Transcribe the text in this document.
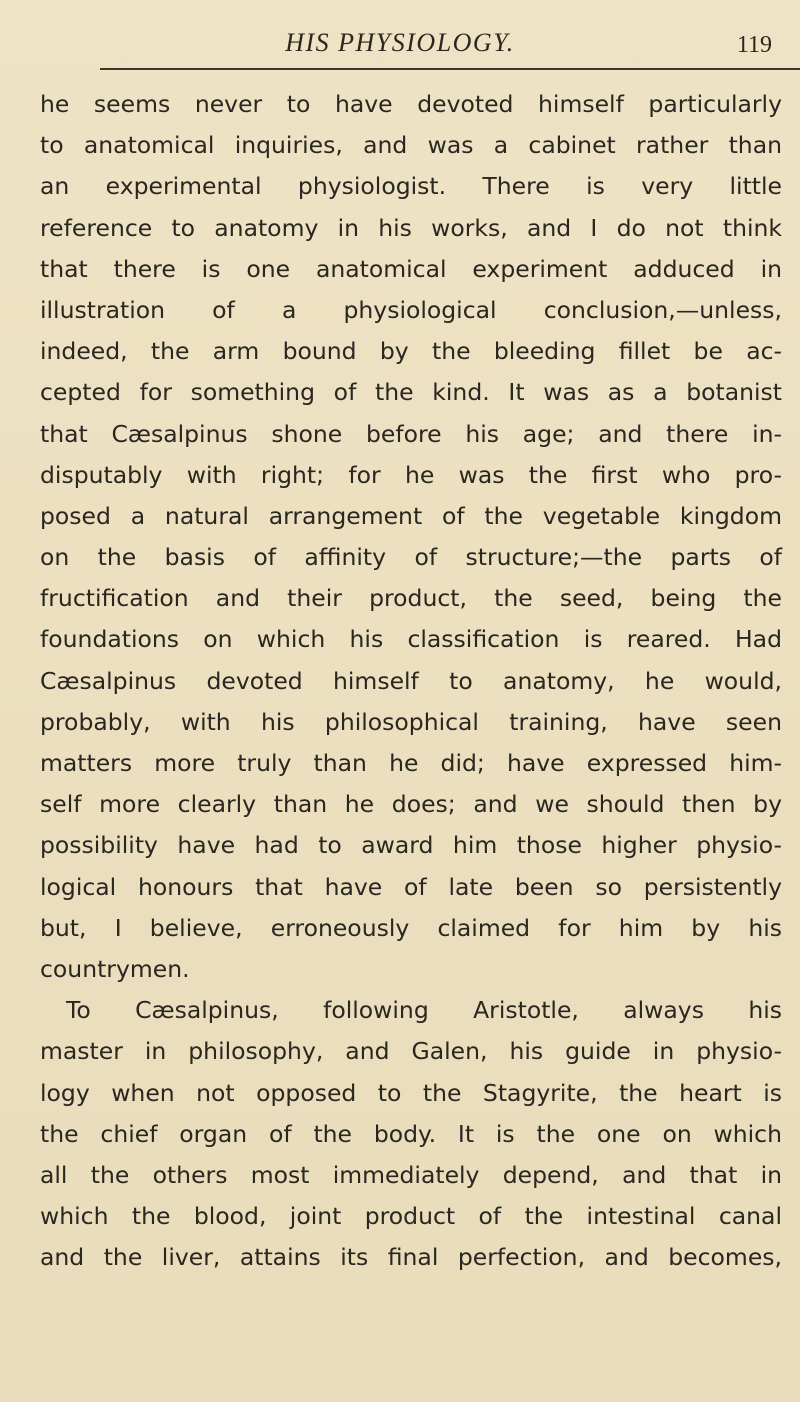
HIS PHYSIOLOGY.	119
he seems never to have devoted himself particularly
to anatomical inquiries, and was a cabinet rather than
an experimental physiologist. There is very little
reference to anatomy in his works, and I do not think
that there is one anatomical experiment adduced in
illustration of a physiological conclusion,—unless,
indeed, the arm bound by the bleeding fillet be ac-
cepted for something of the kind. It was as a botanist
that Cæsalpinus shone before his age; and there in-
disputably with right; for he was the first who pro-
posed a natural arrangement of the vegetable kingdom
on the basis of affinity of structure;—the parts of
fructification and their product, the seed, being the
foundations on which his classification is reared. Had
Cæsalpinus devoted himself to anatomy, he would,
probably, with his philosophical training, have seen
matters more truly than he did; have expressed him-
self more clearly than he does; and we should then by
possibility have had to award him those higher physio-
logical honours that have of late been so persistently
but, I believe, erroneously claimed for him by his
countrymen.
To Cæsalpinus, following Aristotle, always his
master in philosophy, and Galen, his guide in physio-
logy when not opposed to the Stagyrite, the heart is
the chief organ of the body. It is the one on which
all the others most immediately depend, and that in
which the blood, joint product of the intestinal canal
and the liver, attains its final perfection, and becomes,
